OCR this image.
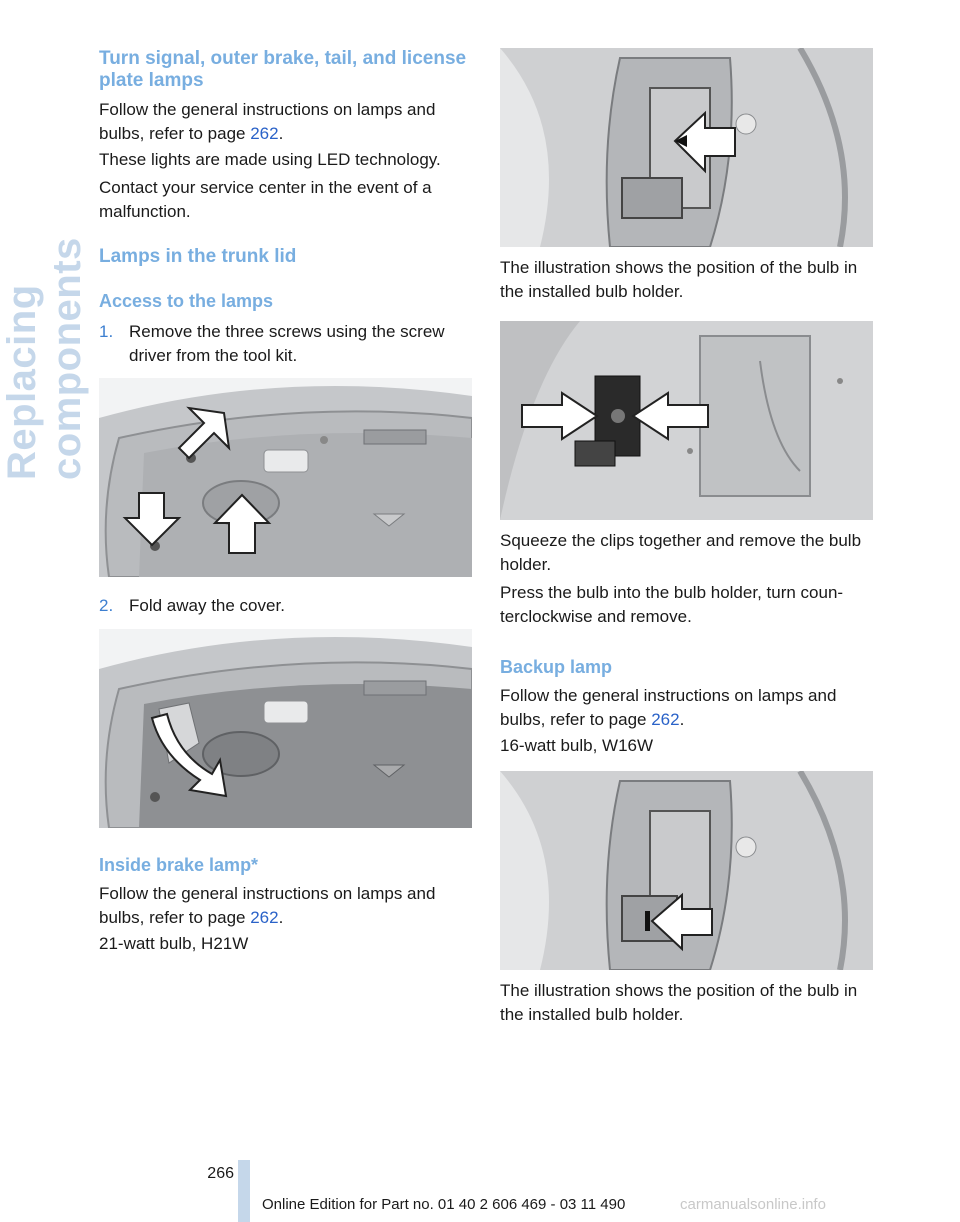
Replacing components
Turn signal, outer brake, tail, and license plate lamps

Follow the general instructions on lamps and bulbs, refer to page 262.

These lights are made using LED technology.

Contact your service center in the event of a malfunction.

Lamps in the trunk lid
Access to the lamps

1. Remove the three screws using the screw driver from the tool kit.

2. Fold away the cover.

Inside brake lamp*

Follow the general instructions on lamps and bulbs, refer to page 262.

21-watt bulb, H21W

The illustration shows the position of the bulb in the installed bulb holder.

Squeeze the clips together and remove the bulb holder.

Press the bulb into the bulb holder, turn coun- terclockwise and remove.

Backup lamp

Follow the general instructions on lamps and bulbs, refer to page 262.

16-watt bulb, W16W

The illustration shows the position of the bulb in the installed bulb holder.

266
Online Edition for Part no. 01 40 2 606 469 - 03 11 490	carmanualsonline.info
